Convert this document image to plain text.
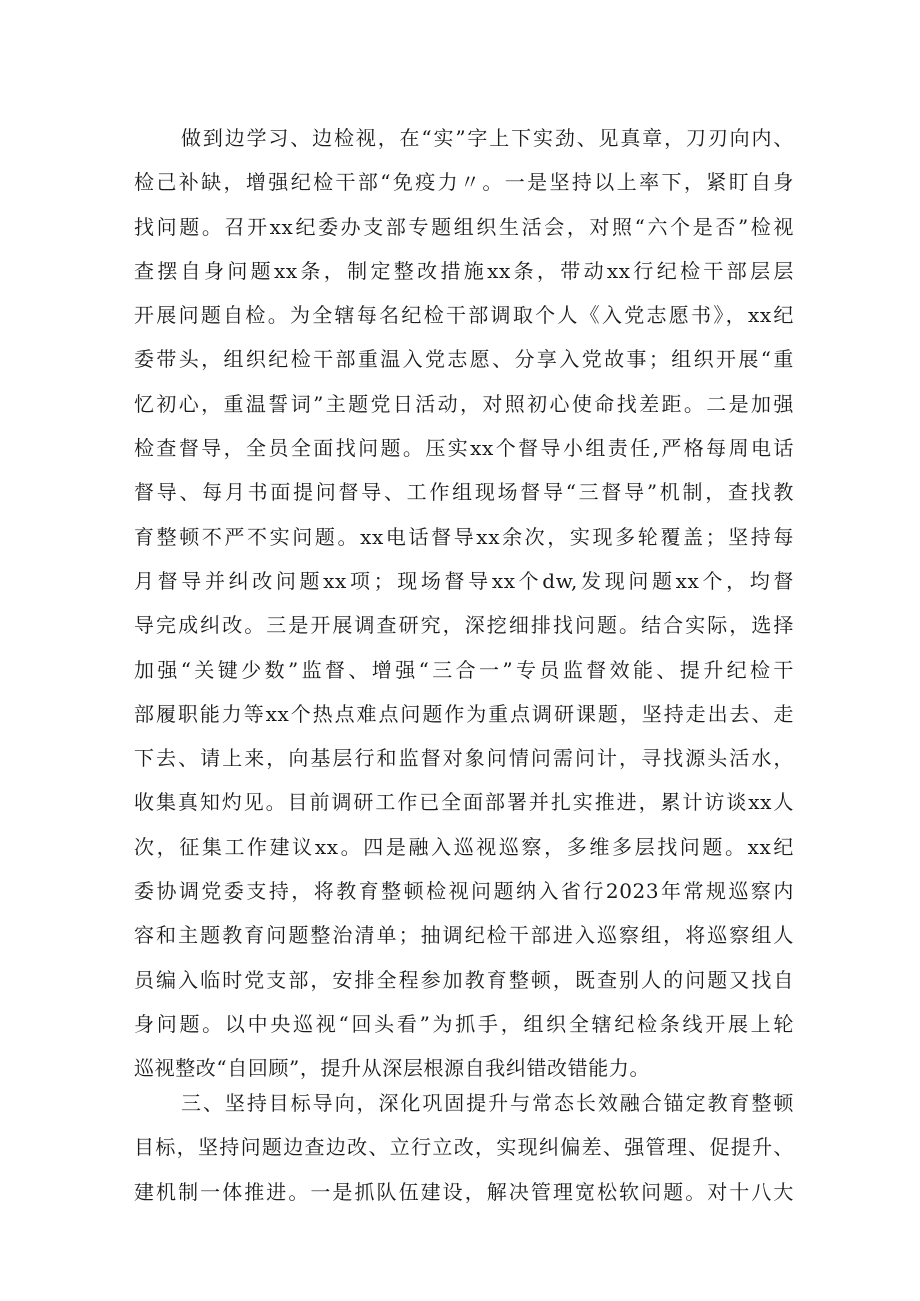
做到边学习、边检视，在“实”字上下实劲、见真章，刀刃向内、
检己补缺，增强纪检干部“免疫力〃。一是坚持以上率下，紧盯自身
找问题。召开xx纪委办支部专题组织生活会，对照“六个是否”检视
查摆自身问题xx条，制定整改措施xx条，带动xx行纪检干部层层
开展问题自检。为全辖每名纪检干部调取个人《入党志愿书》，xx纪
委带头，组织纪检干部重温入党志愿、分享入党故事；组织开展“重
忆初心，重温誓词”主题党日活动，对照初心使命找差距。二是加强
检查督导，全员全面找问题。压实xx个督导小组责任,严格每周电话
督导、每月书面提问督导、工作组现场督导“三督导”机制，查找教
育整顿不严不实问题。xx电话督导xx余次，实现多轮覆盖；坚持每
月督导并纠改问题xx项；现场督导xx个dw,发现问题xx个，均督
导完成纠改。三是开展调查研究，深挖细排找问题。结合实际，选择
加强“关键少数”监督、增强“三合一”专员监督效能、提升纪检干
部履职能力等xx个热点难点问题作为重点调研课题，坚持走出去、走
下去、请上来，向基层行和监督对象问情问需问计，寻找源头活水，
收集真知灼见。目前调研工作已全面部署并扎实推进，累计访谈xx人
次，征集工作建议xx。四是融入巡视巡察，多维多层找问题。xx纪
委协调党委支持，将教育整顿检视问题纳入省行2023年常规巡察内
容和主题教育问题整治清单；抽调纪检干部进入巡察组，将巡察组人
员编入临时党支部，安排全程参加教育整顿，既查别人的问题又找自
身问题。以中央巡视“回头看”为抓手，组织全辖纪检条线开展上轮
巡视整改“自回顾”，提升从深层根源自我纠错改错能力。
三、坚持目标导向，深化巩固提升与常态长效融合锚定教育整顿
目标，坚持问题边查边改、立行立改，实现纠偏差、强管理、促提升、
建机制一体推进。一是抓队伍建设，解决管理宽松软问题。对十八大
